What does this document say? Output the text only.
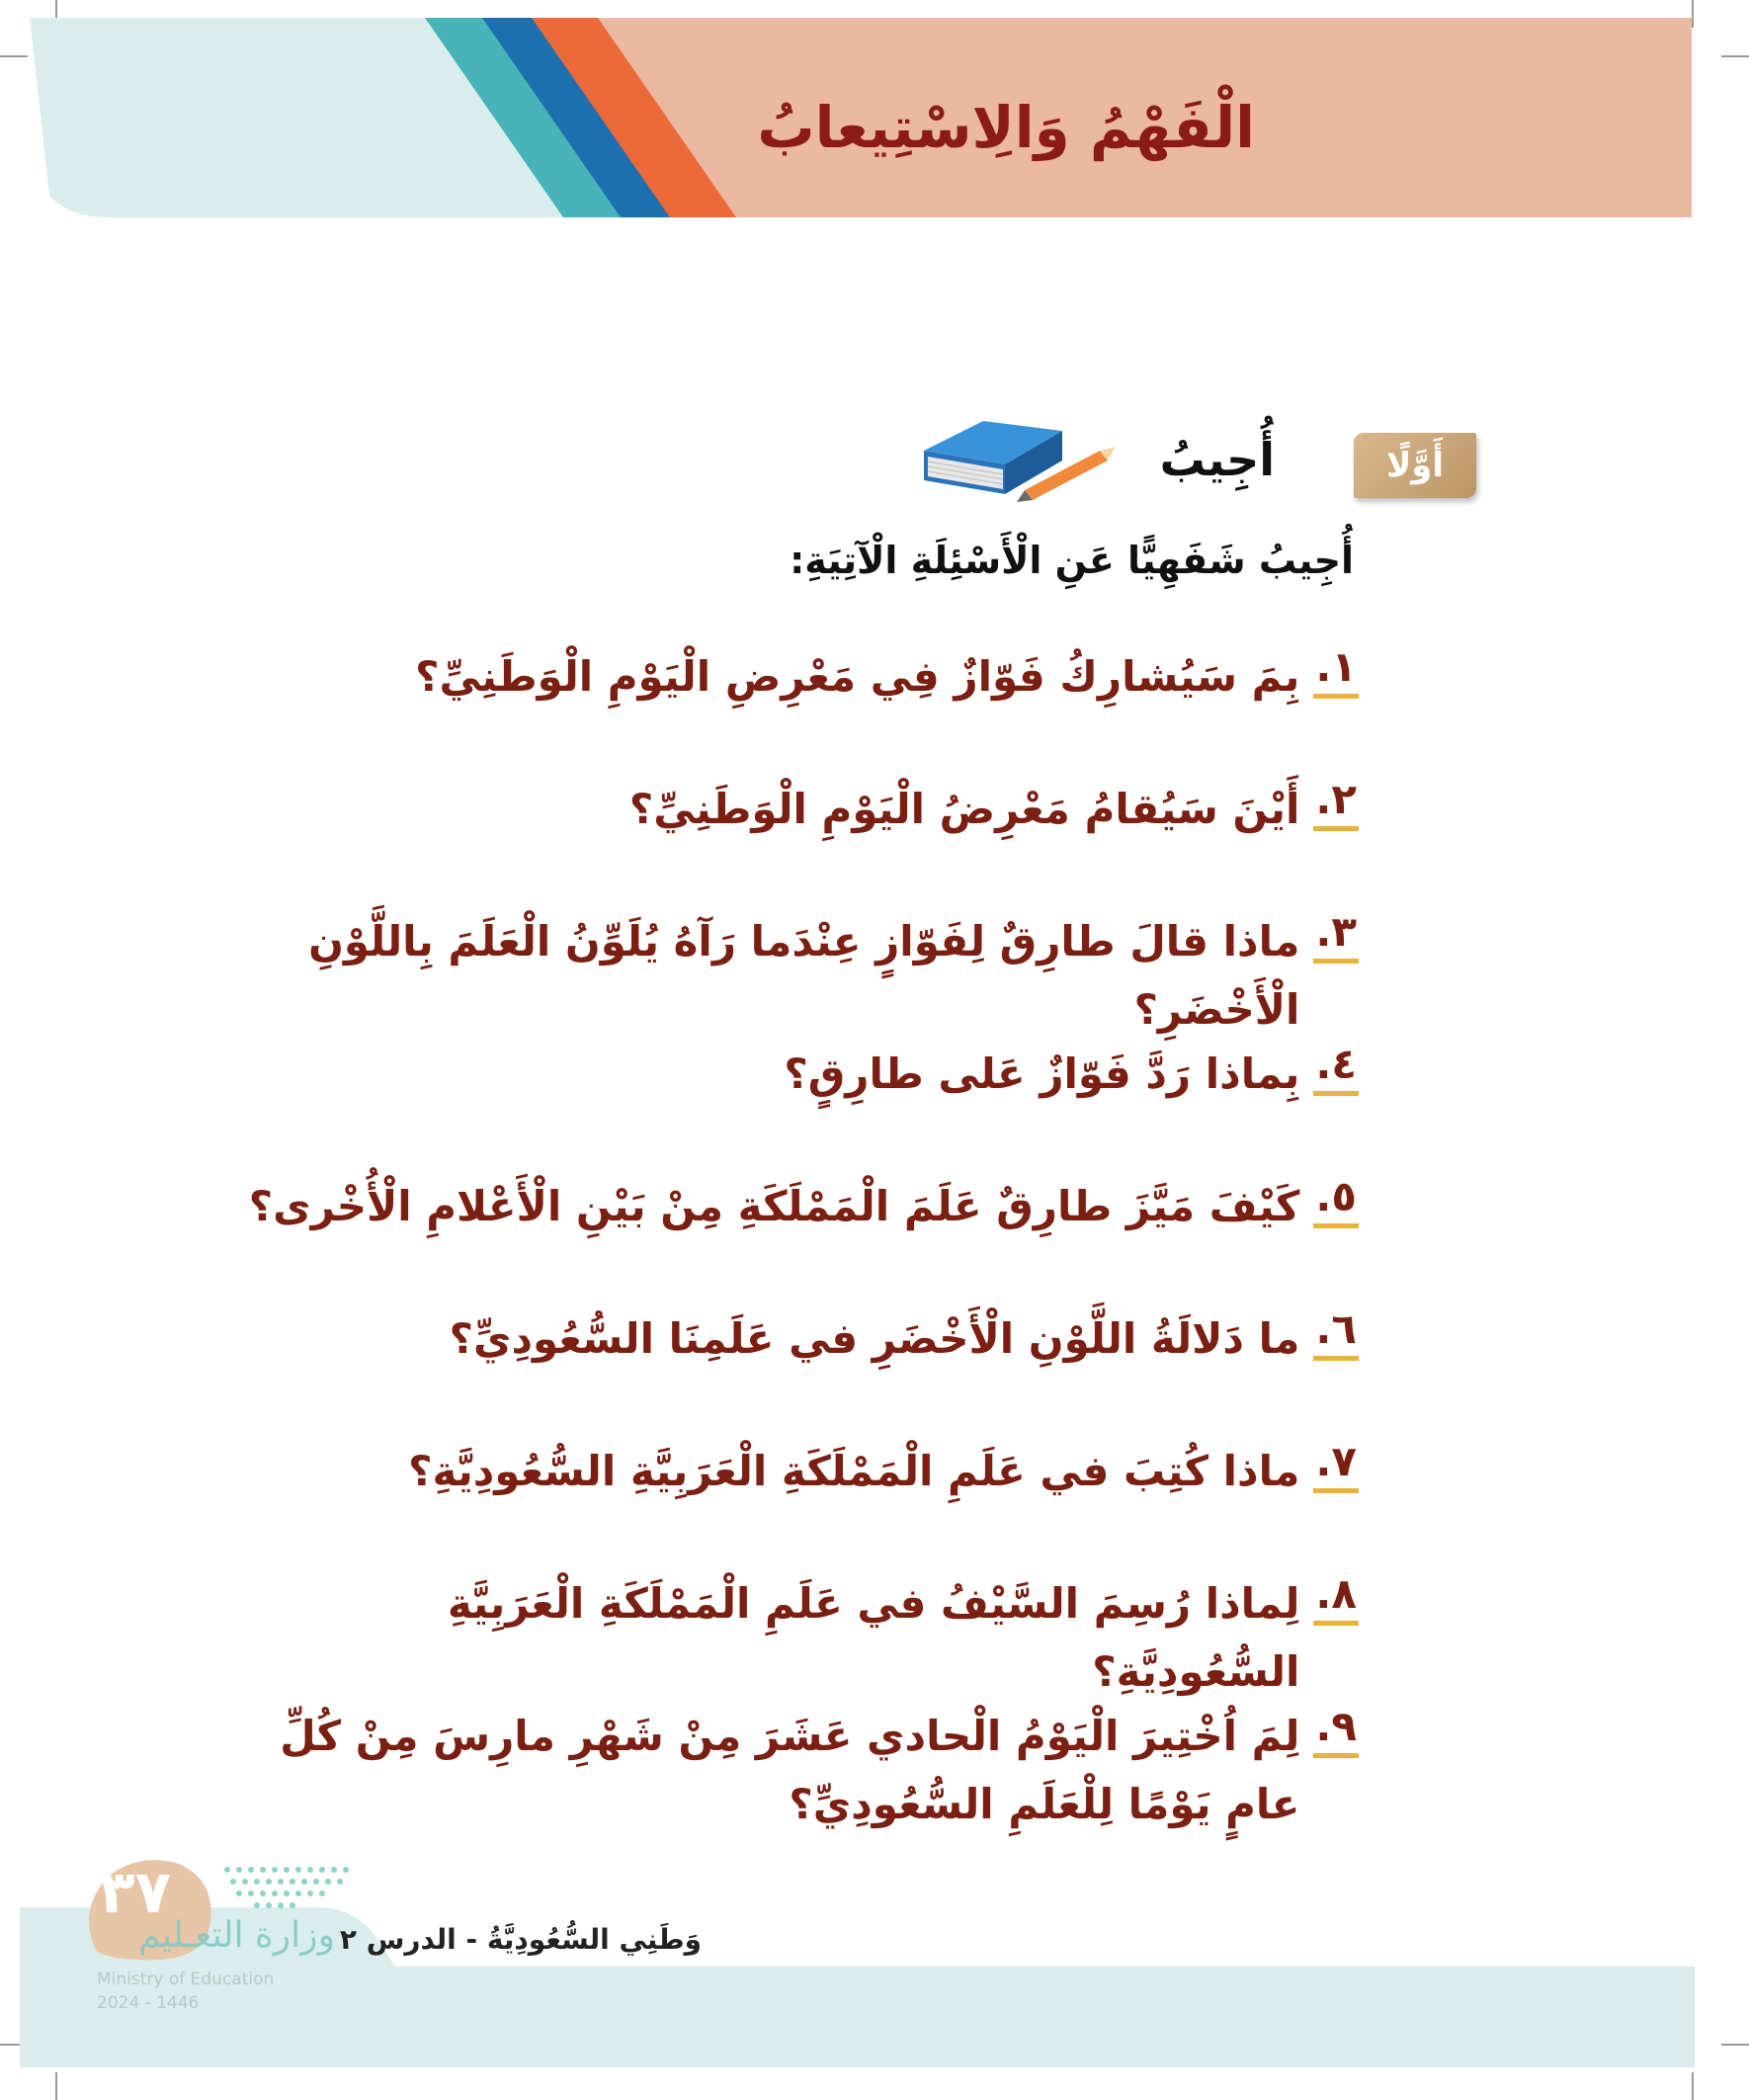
الْفَهْمُ وَالِاسْتِيعابُ
أَوَّلًا
أُجِيبُ

أُجِيبُ شَفَهِيًّا عَنِ الْأَسْئِلَةِ الْآتِيَةِ:

١.
بِمَ سَيُشارِكُ فَوّازٌ فِي مَعْرِضِ الْيَوْمِ الْوَطَنِيِّ؟
٢.
أَيْنَ سَيُقامُ مَعْرِضُ الْيَوْمِ الْوَطَنِيِّ؟
٣.
ماذا قالَ طارِقٌ لِفَوّازٍ عِنْدَما رَآهُ يُلَوِّنُ الْعَلَمَ بِاللَّوْنِ الْأَخْضَرِ؟
٤.
بِماذا رَدَّ فَوّازٌ عَلى طارِقٍ؟
٥.
كَيْفَ مَيَّزَ طارِقٌ عَلَمَ الْمَمْلَكَةِ مِنْ بَيْنِ الْأَعْلامِ الْأُخْرى؟
٦.
ما دَلالَةُ اللَّوْنِ الْأَخْضَرِ في عَلَمِنَا السُّعُودِيِّ؟
٧.
ماذا كُتِبَ في عَلَمِ الْمَمْلَكَةِ الْعَرَبِيَّةِ السُّعُودِيَّةِ؟
٨.
لِماذا رُسِمَ السَّيْفُ في عَلَمِ الْمَمْلَكَةِ الْعَرَبِيَّةِ السُّعُودِيَّةِ؟
٩.
لِمَ اُخْتِيرَ الْيَوْمُ الْحادي عَشَرَ مِنْ شَهْرِ مارِسَ مِنْ كُلِّ عامٍ يَوْمًا لِلْعَلَمِ السُّعُودِيِّ؟
٣٧
وزارة التعـليم
Ministry of Education
2024 - 1446

وَطَنِي السُّعُودِيَّةُ - الدرس ٢
